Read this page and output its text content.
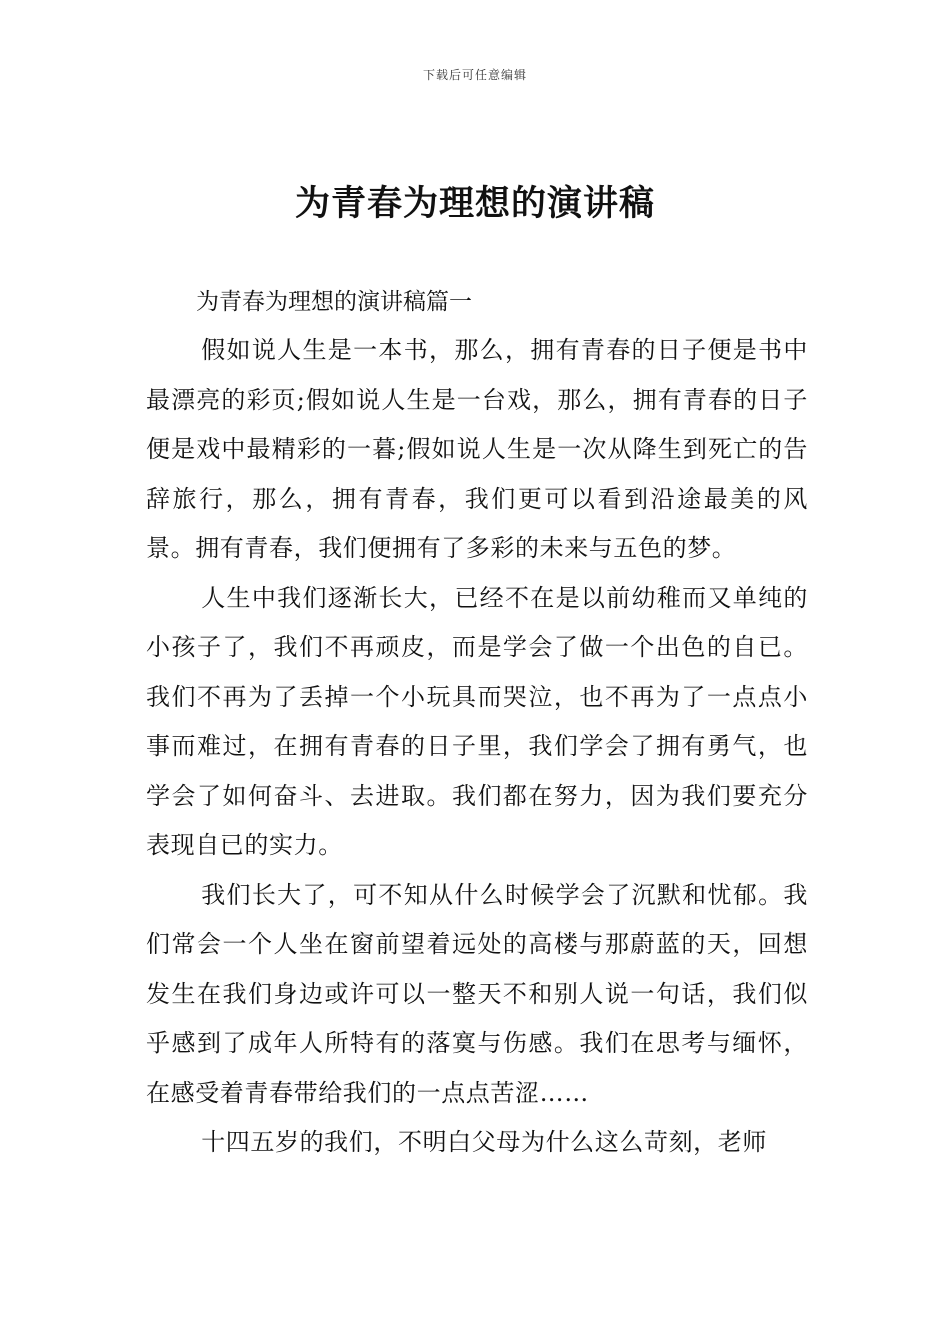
下载后可任意编辑
为青春为理想的演讲稿

为青春为理想的演讲稿篇一

假如说人生是一本书，那么，拥有青春的日子便是书中最漂亮的彩页;假如说人生是一台戏，那么，拥有青春的日子便是戏中最精彩的一暮;假如说人生是一次从降生到死亡的告辞旅行，那么，拥有青春，我们更可以看到沿途最美的风景。拥有青春，我们便拥有了多彩的未来与五色的梦。

人生中我们逐渐长大，已经不在是以前幼稚而又单纯的小孩子了，我们不再顽皮，而是学会了做一个出色的自已。我们不再为了丢掉一个小玩具而哭泣，也不再为了一点点小事而难过，在拥有青春的日子里，我们学会了拥有勇气，也学会了如何奋斗、去进取。我们都在努力，因为我们要充分表现自已的实力。

我们长大了，可不知从什么时候学会了沉默和忧郁。我们常会一个人坐在窗前望着远处的高楼与那蔚蓝的天，回想发生在我们身边或许可以一整天不和别人说一句话，我们似乎感到了成年人所特有的落寞与伤感。我们在思考与缅怀，在感受着青春带给我们的一点点苦涩……

十四五岁的我们，不明白父母为什么这么苛刻，老师
